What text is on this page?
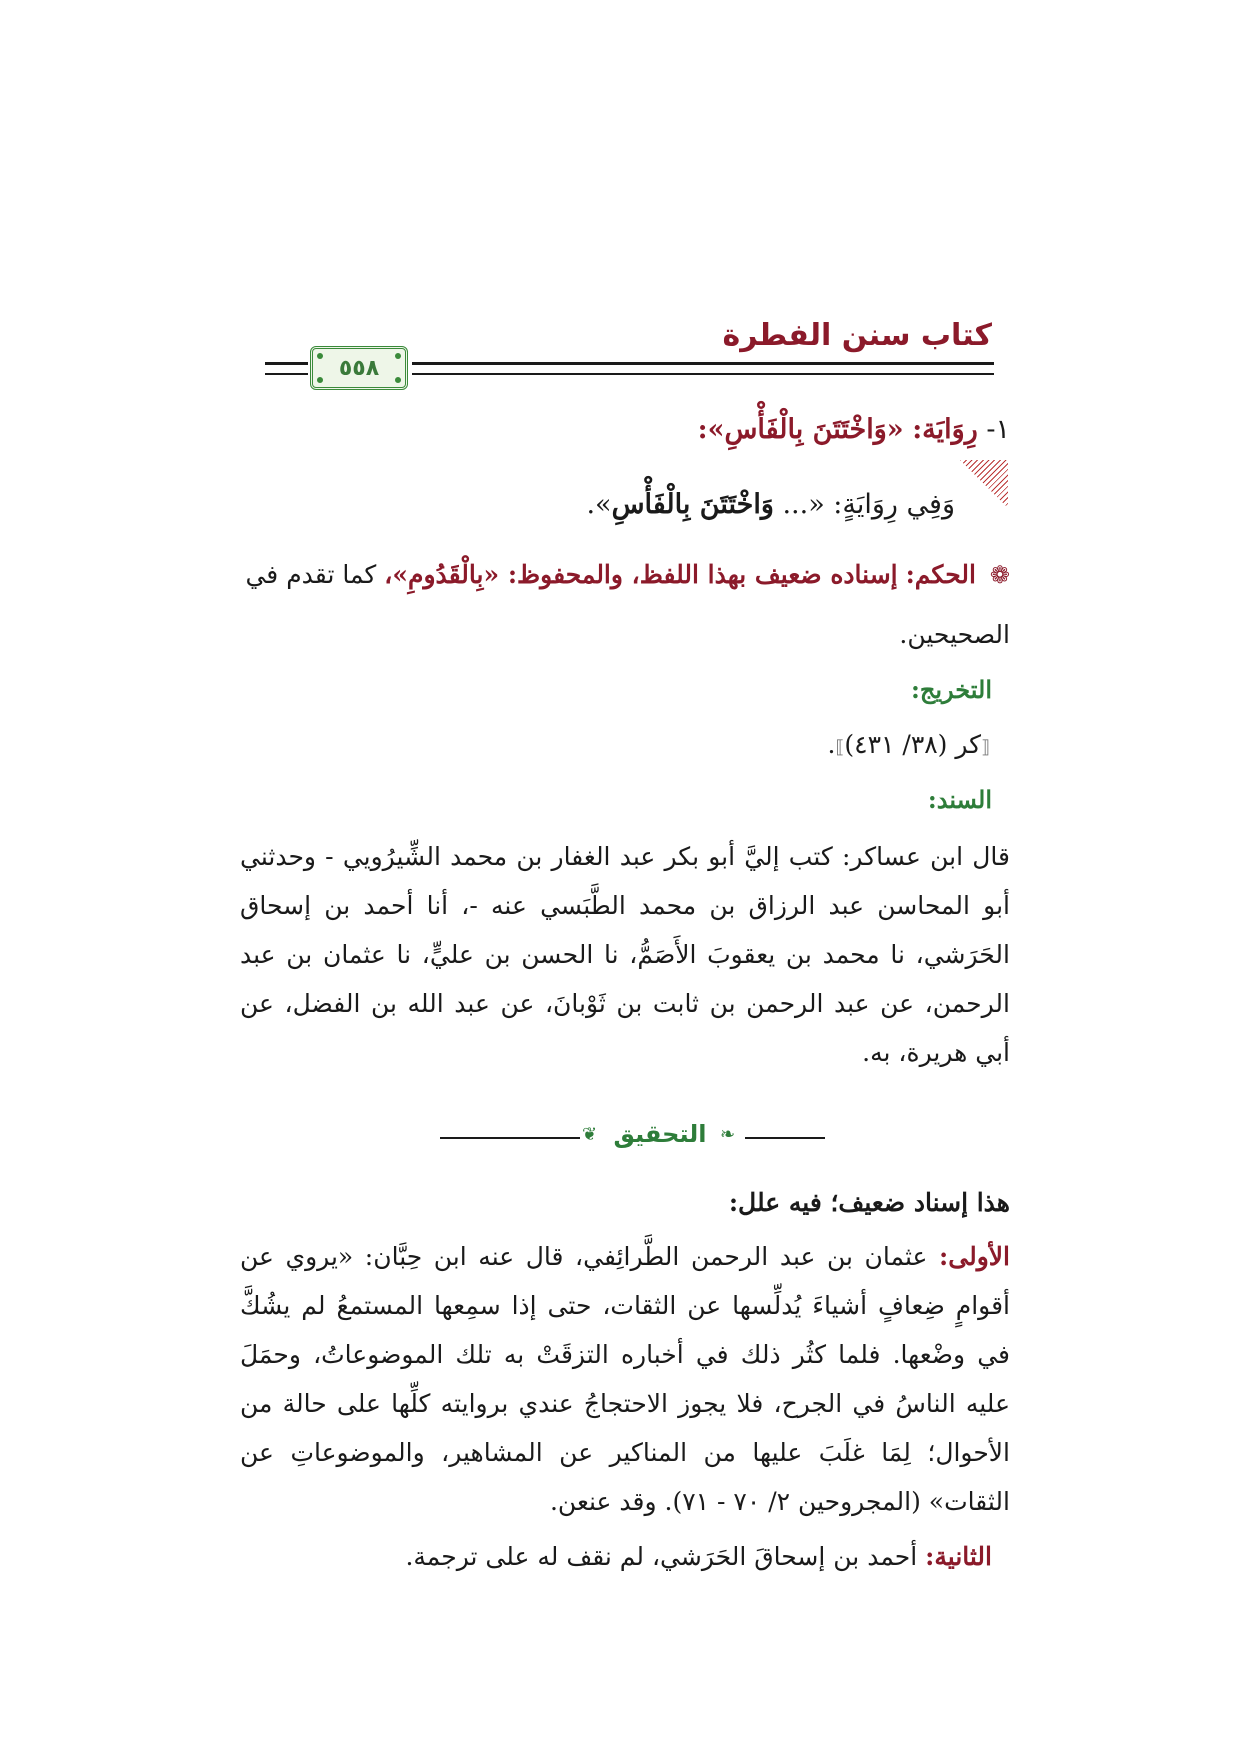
كتاب سنن الفطرة
٥٥٨
١- رِوَايَة: «وَاخْتَتَنَ بِالْفَأْسِ»:
وَفِي رِوَايَةٍ: «... وَاخْتَتَنَ بِالْفَأْسِ».
❁ الحكم: إسناده ضعيف بهذا اللفظ، والمحفوظ: «بِالْقَدُومِ»، كما تقدم في
الصحيحين.
التخريج:
⟦كر (٣٨/ ٤٣١)⟧.
السند:
قال ابن عساكر: كتب إليَّ أبو بكر عبد الغفار بن محمد الشِّيرُويي - وحدثني أبو المحاسن عبد الرزاق بن محمد الطَّبَسي عنه -، أنا أحمد بن إسحاق الحَرَشي، نا محمد بن يعقوبَ الأَصَمُّ، نا الحسن بن عليٍّ، نا عثمان بن عبد الرحمن، عن عبد الرحمن بن ثابت بن ثَوْبانَ، عن عبد الله بن الفضل، عن أبي هريرة، به.
❦ التحقيق ❧
هذا إسناد ضعيف؛ فيه علل:
الأولى: عثمان بن عبد الرحمن الطَّرائِفي، قال عنه ابن حِبَّان: «يروي عن أقوامٍ ضِعافٍ أشياءَ يُدلِّسها عن الثقات، حتى إذا سمِعها المستمعُ لم يشُكَّ في وضْعها. فلما كثُر ذلك في أخباره التزقَتْ به تلك الموضوعاتُ، وحمَلَ عليه الناسُ في الجرح، فلا يجوز الاحتجاجُ عندي بروايته كلِّها على حالة من الأحوال؛ لِمَا غلَبَ عليها من المناكير عن المشاهير، والموضوعاتِ عن الثقات» (المجروحين ٢/ ٧٠ - ٧١). وقد عنعن.
الثانية: أحمد بن إسحاقَ الحَرَشي، لم نقف له على ترجمة.
